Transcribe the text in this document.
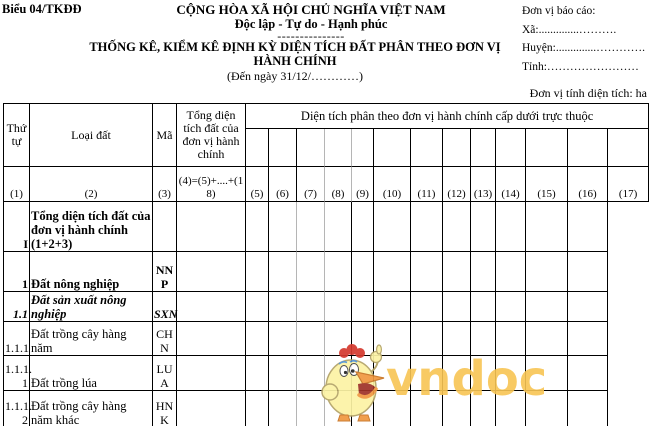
Biểu 04/TKĐĐ	CỘNG HÒA XÃ HỘI CHỦ NGHĨA VIỆT NAM
Độc lập - Tự do - Hạnh phúc
---------------
Đơn vị báo cáo:
Xã:..............……….
Huyện:..............………….
Tỉnh:……………………
THỐNG KÊ, KIỂM KÊ ĐỊNH KỲ DIỆN TÍCH ĐẤT PHÂN THEO ĐƠN VỊ
HÀNH CHÍNH
(Đến ngày 31/12/…………)
Đơn vị tính diện tích: ha
Thứ tự	Loại đất	Mã	Tổng diện tích đất của đơn vị hành chính	Diện tích phân theo đơn vị hành chính cấp dưới trực thuộc												

(1)	(2)	(3)	(4)=(5)+....+(18)	(5)	(6)	(7)	(8)	(9)	(10)	(11)	(12)	(13)	(14)	(15)	(16)	(17)
I	Tổng diện tích đất của đơn vị hành chính (1+2+3)															
1	Đất nông nghiệp	NN P														
1.1	Đất sản xuất nông nghiệp	SXN														
1.1.1	Đất trồng cây hàng năm	CH N														
1.1.1. 1	Đất trồng lúa	LU A														
1.1.1. 2	Đất trồng cây hàng năm khác	HN K														
vndoc
